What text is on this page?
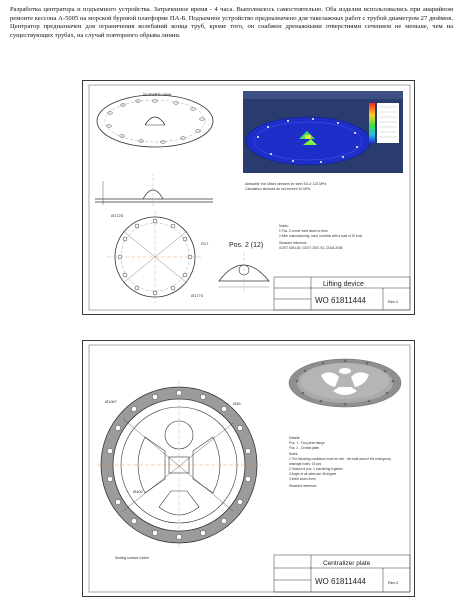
Разработка центратора и подъемного устройства. Затраченное время - 4 часа. Выполнялось самостоятельно. Оба изделия использовались при аварийном ремонте кессона А-5005 на морской буровой платформе ПА-Б. Подъемное устройство предназначено для такелажных работ с трубой диаметром 27 дюймов. Центратор предназначен для ограничения колебаний конца труб, кроме того, он снабжен дренажными отверстиями сечением не меньше, чем на существующих трубах, на случай повторного обрыва линии.
isometric view
Ø1725
R17
Ø1770
Pos. 2 (12)
Allowable Von Mises stresses for steel S3-4: 120 MPa
Calculation stresses do not exceed 10 MPa
Notes:
1 Pos. 2 corner weld seam is 4mm
2 After manufacturing, carry out tests with a load of 20 tons
Standard reference:
GOST 5264-80, GOST 2547-93, 23118-2008
Lifting device
WO 61811444	Rev.1
Ø1067
Ø400
Ø46
Sealing surface rubber
Details:
Pos. 1 - Two piece flange
Pos. 2 - Central plate
Notes:
1 The following conditions must be met - the total area of the emergency
drainage holes: 15 pcs
2 Gasket of pos. 1 machining together
3 Angle of all sides are 45 degree
4 Weld seam 4mm
Standard reference:
Centralizer plate
WO 61811444	Rev.1
